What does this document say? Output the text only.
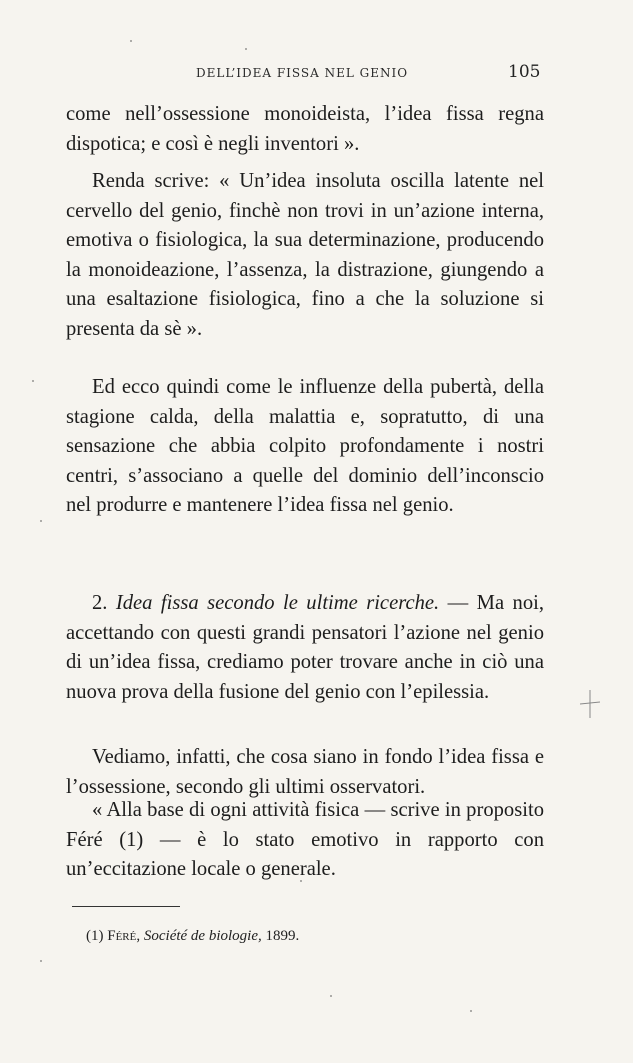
DELL’IDEA FISSA NEL GENIO	105

come nell’ossessione monoideista, l’idea fissa regna dispotica; e così è negli inventori ».

Renda scrive: « Un’idea insoluta oscilla latente nel cervello del genio, finchè non trovi in un’azione interna, emotiva o fisiologica, la sua determinazione, producendo la monoideazione, l’assenza, la distrazione, giungendo a una esaltazione fisiologica, fino a che la soluzione si presenta da sè ».

Ed ecco quindi come le influenze della pubertà, della stagione calda, della malattia e, sopratutto, di una sensazione che abbia colpito profondamente i nostri centri, s’associano a quelle del dominio dell’inconscio nel produrre e mantenere l’idea fissa nel genio.

2. Idea fissa secondo le ultime ricerche. — Ma noi, accettando con questi grandi pensatori l’azione nel genio di un’idea fissa, crediamo poter trovare anche in ciò una nuova prova della fusione del genio con l’epilessia.

Vediamo, infatti, che cosa siano in fondo l’idea fissa e l’ossessione, secondo gli ultimi osservatori.

« Alla base di ogni attività fisica — scrive in proposito Féré (1) — è lo stato emotivo in rapporto con un’eccitazione locale o generale.

(1) Féré, Société de biologie, 1899.
